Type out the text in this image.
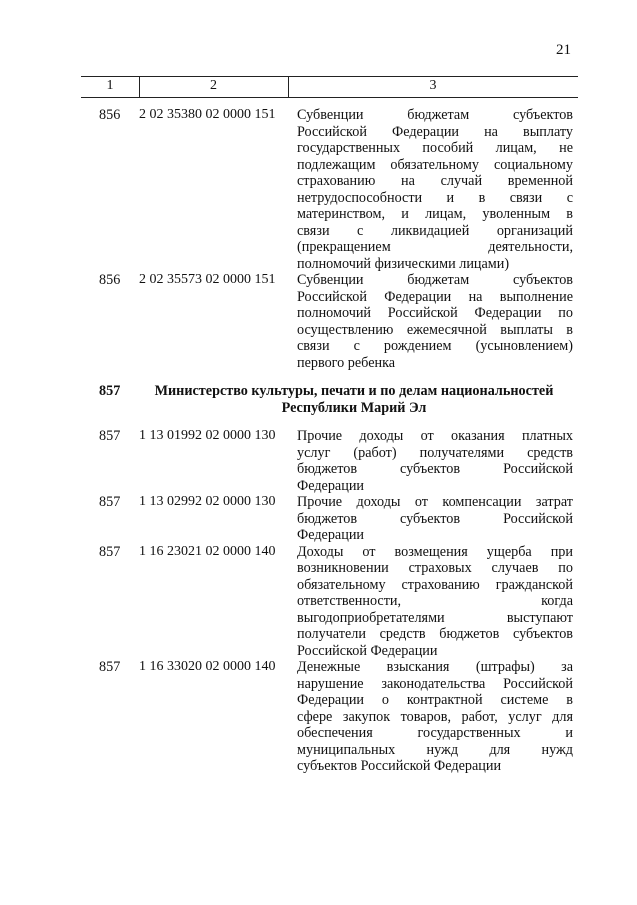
21
1	2	3
856	2 02 35380 02 0000 151	Субвенции бюджетам субъектов
Российской Федерации на выплату
государственных пособий лицам, не
подлежащим обязательному социальному
страхованию на случай временной
нетрудоспособности и в связи с
материнством, и лицам, уволенным в
связи с ликвидацией организаций
(прекращением деятельности,
полномочий физическими лицами)
856	2 02 35573 02 0000 151	Субвенции бюджетам субъектов
Российской Федерации на выполнение
полномочий Российской Федерации по
осуществлению ежемесячной выплаты в
связи с рождением (усыновлением)
первого ребенка
857	Министерство культуры, печати и по делам национальностей
Республики Марий Эл
857	1 13 01992 02 0000 130	Прочие доходы от оказания платных
услуг (работ) получателями средств
бюджетов субъектов Российской
Федерации
857	1 13 02992 02 0000 130	Прочие доходы от компенсации затрат
бюджетов субъектов Российской
Федерации
857	1 16 23021 02 0000 140	Доходы от возмещения ущерба при
возникновении страховых случаев по
обязательному страхованию гражданской
ответственности, когда
выгодоприобретателями выступают
получатели средств бюджетов субъектов
Российской Федерации
857	1 16 33020 02 0000 140	Денежные взыскания (штрафы) за
нарушение законодательства Российской
Федерации о контрактной системе в
сфере закупок товаров, работ, услуг для
обеспечения государственных и
муниципальных нужд для нужд
субъектов Российской Федерации
